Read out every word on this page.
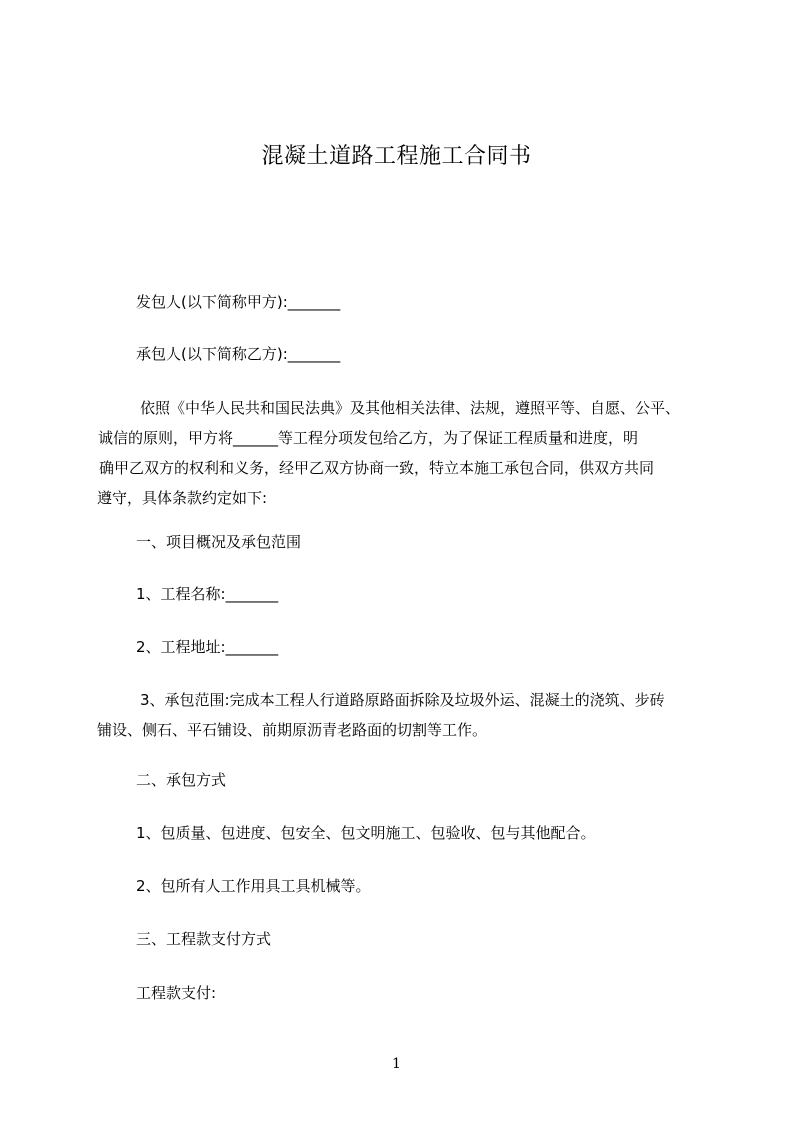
混凝土道路工程施工合同书
发包人(以下简称甲方):_______
承包人(以下简称乙方):_______
依照《中华人民共和国民法典》及其他相关法律、法规，遵照平等、自愿、公平、
诚信的原则，甲方将______等工程分项发包给乙方，为了保证工程质量和进度，明
确甲乙双方的权利和义务，经甲乙双方协商一致，特立本施工承包合同，供双方共同
遵守，具体条款约定如下:
一、项目概况及承包范围
1、工程名称:_______
2、工程地址:_______
3、承包范围:完成本工程人行道路原路面拆除及垃圾外运、混凝土的浇筑、步砖
铺设、侧石、平石铺设、前期原沥青老路面的切割等工作。
二、承包方式
1、包质量、包进度、包安全、包文明施工、包验收、包与其他配合。
2、包所有人工作用具工具机械等。
三、工程款支付方式
工程款支付:
1
